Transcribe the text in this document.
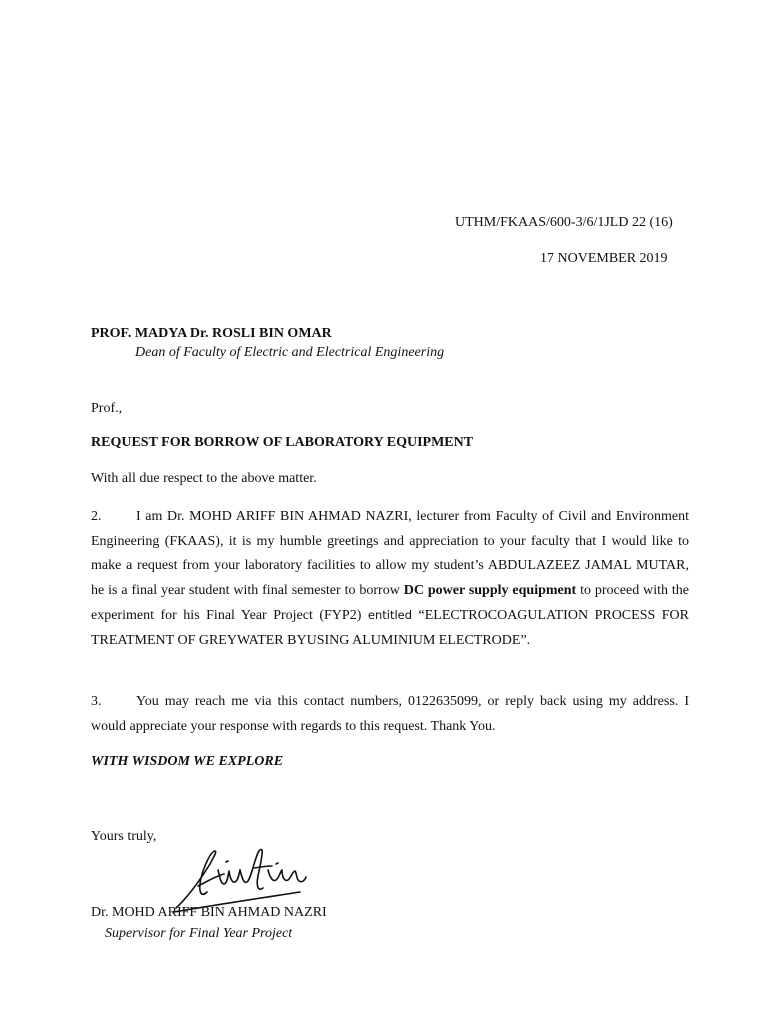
UTHM/FKAAS/600-3/6/1JLD 22 (16)
17 NOVEMBER 2019
PROF. MADYA Dr. ROSLI BIN OMAR
Dean of Faculty of Electric and Electrical Engineering
Prof.,
REQUEST FOR BORROW OF LABORATORY EQUIPMENT
With all due respect to the above matter.
2. I am Dr. MOHD ARIFF BIN AHMAD NAZRI, lecturer from Faculty of Civil and Environment Engineering (FKAAS), it is my humble greetings and appreciation to your faculty that I would like to make a request from your laboratory facilities to allow my student’s ABDULAZEEZ JAMAL MUTAR, he is a final year student with final semester to borrow DC power supply equipment to proceed with the experiment for his Final Year Project (FYP2) entitled “ELECTROCOAGULATION PROCESS FOR TREATMENT OF GREYWATER BYUSING ALUMINIUM ELECTRODE”.
3. You may reach me via this contact numbers, 0122635099, or reply back using my address. I would appreciate your response with regards to this request. Thank You.
WITH WISDOM WE EXPLORE
Yours truly,
Dr. MOHD ARIFF BIN AHMAD NAZRI
Supervisor for Final Year Project
